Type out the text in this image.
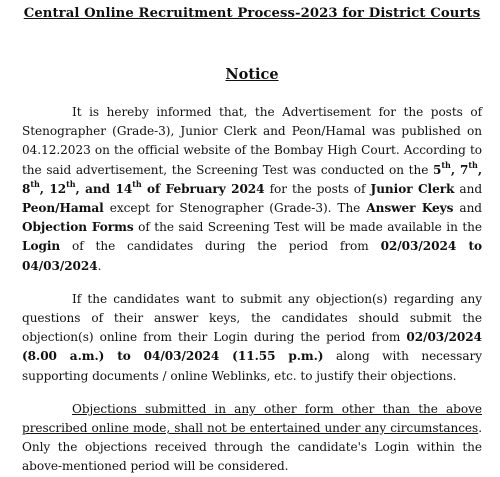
Central Online Recruitment Process-2023 for District Courts
Notice

It is hereby informed that, the Advertisement for the posts of Stenographer (Grade-3), Junior Clerk and Peon/Hamal was published on 04.12.2023 on the official website of the Bombay High Court. According to the said advertisement, the Screening Test was conducted on the 5th, 7th, 8th, 12th, and 14th of February 2024 for the posts of Junior Clerk and Peon/Hamal except for Stenographer (Grade-3). The Answer Keys and Objection Forms of the said Screening Test will be made available in the Login of the candidates during the period from 02/03/2024 to 04/03/2024.

If the candidates want to submit any objection(s) regarding any questions of their answer keys, the candidates should submit the objection(s) online from their Login during the period from 02/03/2024 (8.00 a.m.) to 04/03/2024 (11.55 p.m.) along with necessary supporting documents / online Weblinks, etc. to justify their objections.

Objections submitted in any other form other than the above prescribed online mode, shall not be entertained under any circumstances. Only the objections received through the candidate's Login within the above-mentioned period will be considered.
